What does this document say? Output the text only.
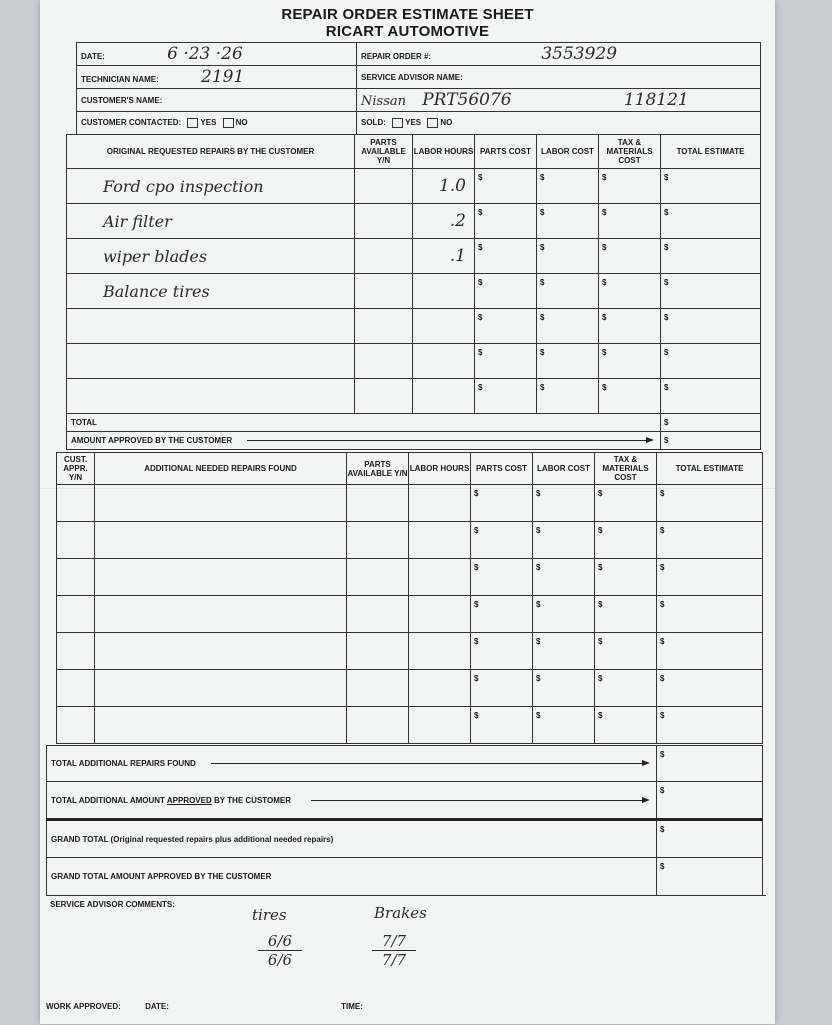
REPAIR ORDER ESTIMATE SHEET
RICART AUTOMOTIVE
DATE: 6 ·23 ·26	REPAIR ORDER #: 3553929
TECHNICIAN NAME: 2191	SERVICE ADVISOR NAME:
CUSTOMER'S NAME:	Nissan PRT56076 118121
CUSTOMER CONTACTED: YES NO	SOLD: YES NO
ORIGINAL REQUESTED REPAIRS BY THE CUSTOMER	PARTS AVAILABLE Y/N	LABOR HOURS	PARTS COST	LABOR COST	TAX & MATERIALS COST	TOTAL ESTIMATE
Ford cpo inspection		1.0	$	$	$	$
Air filter		.2	$	$	$	$
wiper blades		.1	$	$	$	$
Balance tires			$	$	$	$
			$	$	$	$
			$	$	$	$
			$	$	$	$
TOTAL						$
AMOUNT APPROVED BY THE CUSTOMER						$
CUST. APPR. Y/N	ADDITIONAL NEEDED REPAIRS FOUND	PARTS AVAILABLE Y/N	LABOR HOURS	PARTS COST	LABOR COST	TAX & MATERIALS COST	TOTAL ESTIMATE
				$	$	$	$
				$	$	$	$
				$	$	$	$
				$	$	$	$
				$	$	$	$
				$	$	$	$
				$	$	$	$
TOTAL ADDITIONAL REPAIRS FOUND	$
TOTAL ADDITIONAL AMOUNT APPROVED BY THE CUSTOMER	$
GRAND TOTAL (Original requested repairs plus additional needed repairs)	$
GRAND TOTAL AMOUNT APPROVED BY THE CUSTOMER	$
SERVICE ADVISOR COMMENTS:
tires
$\frac{6/6}{6/6}$
Brakes
$\frac{7/7}{7/7}$
WORK APPROVED:	DATE:	TIME:
